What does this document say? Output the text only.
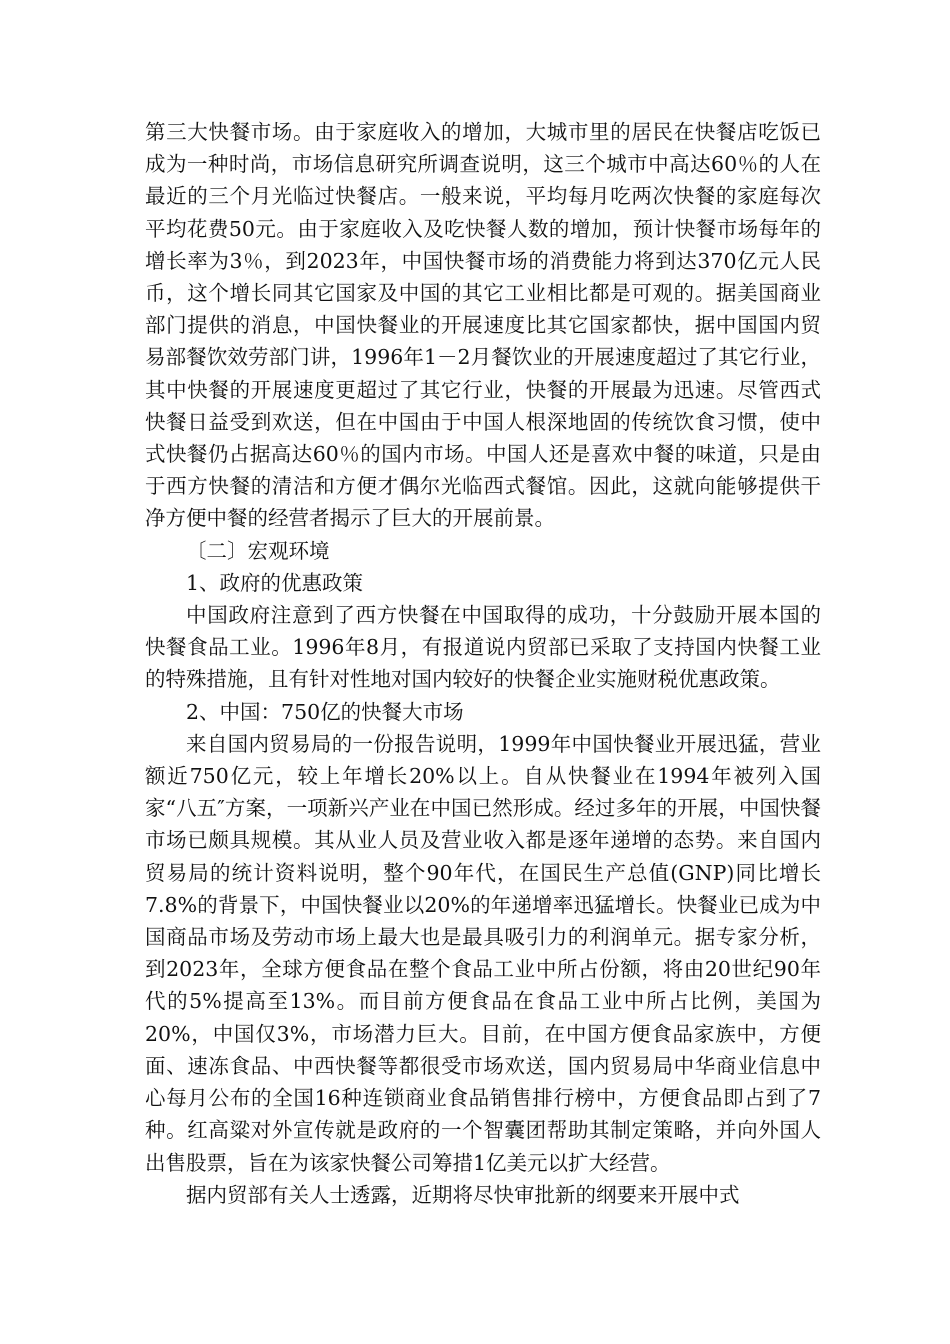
第三大快餐市场。由于家庭收入的增加，大城市里的居民在快餐店吃饭已成为一种时尚，市场信息研究所调查说明，这三个城市中高达60％的人在最近的三个月光临过快餐店。一般来说，平均每月吃两次快餐的家庭每次平均花费50元。由于家庭收入及吃快餐人数的增加，预计快餐市场每年的增长率为3％，到2023年，中国快餐市场的消费能力将到达370亿元人民币，这个增长同其它国家及中国的其它工业相比都是可观的。据美国商业部门提供的消息，中国快餐业的开展速度比其它国家都快，据中国国内贸易部餐饮效劳部门讲，1996年1－2月餐饮业的开展速度超过了其它行业，其中快餐的开展速度更超过了其它行业，快餐的开展最为迅速。尽管西式快餐日益受到欢送，但在中国由于中国人根深地固的传统饮食习惯，使中式快餐仍占据高达60％的国内市场。中国人还是喜欢中餐的味道，只是由于西方快餐的清洁和方便才偶尔光临西式餐馆。因此，这就向能够提供干净方便中餐的经营者揭示了巨大的开展前景。

〔二〕宏观环境

1、政府的优惠政策

中国政府注意到了西方快餐在中国取得的成功，十分鼓励开展本国的快餐食品工业。1996年8月，有报道说内贸部已采取了支持国内快餐工业的特殊措施，且有针对性地对国内较好的快餐企业实施财税优惠政策。

2、中国：750亿的快餐大市场

来自国内贸易局的一份报告说明，1999年中国快餐业开展迅猛，营业额近750亿元，较上年增长20%以上。自从快餐业在1994年被列入国家“八五″方案，一项新兴产业在中国已然形成。经过多年的开展，中国快餐市场已颇具规模。其从业人员及营业收入都是逐年递增的态势。来自国内贸易局的统计资料说明，整个90年代，在国民生产总值(GNP)同比增长7.8%的背景下，中国快餐业以20%的年递增率迅猛增长。快餐业已成为中国商品市场及劳动市场上最大也是最具吸引力的利润单元。据专家分析，到2023年，全球方便食品在整个食品工业中所占份额，将由20世纪90年代的5%提高至13%。而目前方便食品在食品工业中所占比例，美国为20%，中国仅3%，市场潜力巨大。目前，在中国方便食品家族中，方便面、速冻食品、中西快餐等都很受市场欢送，国内贸易局中华商业信息中心每月公布的全国16种连锁商业食品销售排行榜中，方便食品即占到了7种。红高粱对外宣传就是政府的一个智囊团帮助其制定策略，并向外国人出售股票，旨在为该家快餐公司筹措1亿美元以扩大经营。

据内贸部有关人士透露，近期将尽快审批新的纲要来开展中式
